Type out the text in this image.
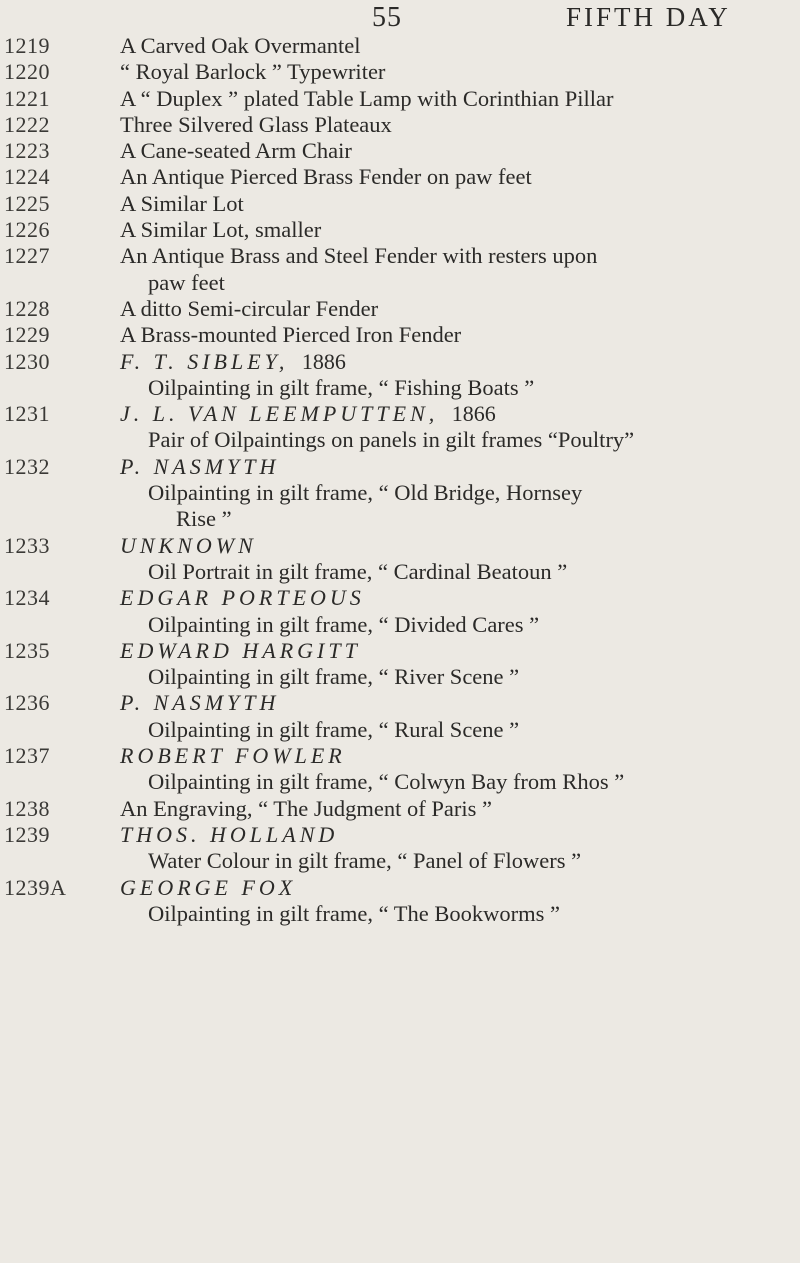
55	FIFTH DAY
1219	A Carved Oak Overmantel
1220	“ Royal Barlock ” Typewriter
1221	A “ Duplex ” plated Table Lamp with Corinthian Pillar
1222	Three Silvered Glass Plateaux
1223	A Cane-seated Arm Chair
1224	An Antique Pierced Brass Fender on paw feet
1225	A Similar Lot
1226	A Similar Lot, smaller
1227	An Antique Brass and Steel Fender with resters upon
paw feet
1228	A ditto Semi-circular Fender
1229	A Brass-mounted Pierced Iron Fender
1230	F. T. SIBLEY, 1886
Oilpainting in gilt frame, “ Fishing Boats ”
1231	J. L. VAN LEEMPUTTEN, 1866
Pair of Oilpaintings on panels in gilt frames “Poultry”
1232	P. NASMYTH
Oilpainting in gilt frame, “ Old Bridge, Hornsey
Rise ”
1233	UNKNOWN
Oil Portrait in gilt frame, “ Cardinal Beatoun ”
1234	EDGAR PORTEOUS
Oilpainting in gilt frame, “ Divided Cares ”
1235	EDWARD HARGITT
Oilpainting in gilt frame, “ River Scene ”
1236	P. NASMYTH
Oilpainting in gilt frame, “ Rural Scene ”
1237	ROBERT FOWLER
Oilpainting in gilt frame, “ Colwyn Bay from Rhos ”
1238	An Engraving, “ The Judgment of Paris ”
1239	THOS. HOLLAND
Water Colour in gilt frame, “ Panel of Flowers ”
1239A	GEORGE FOX
Oilpainting in gilt frame, “ The Bookworms ”
